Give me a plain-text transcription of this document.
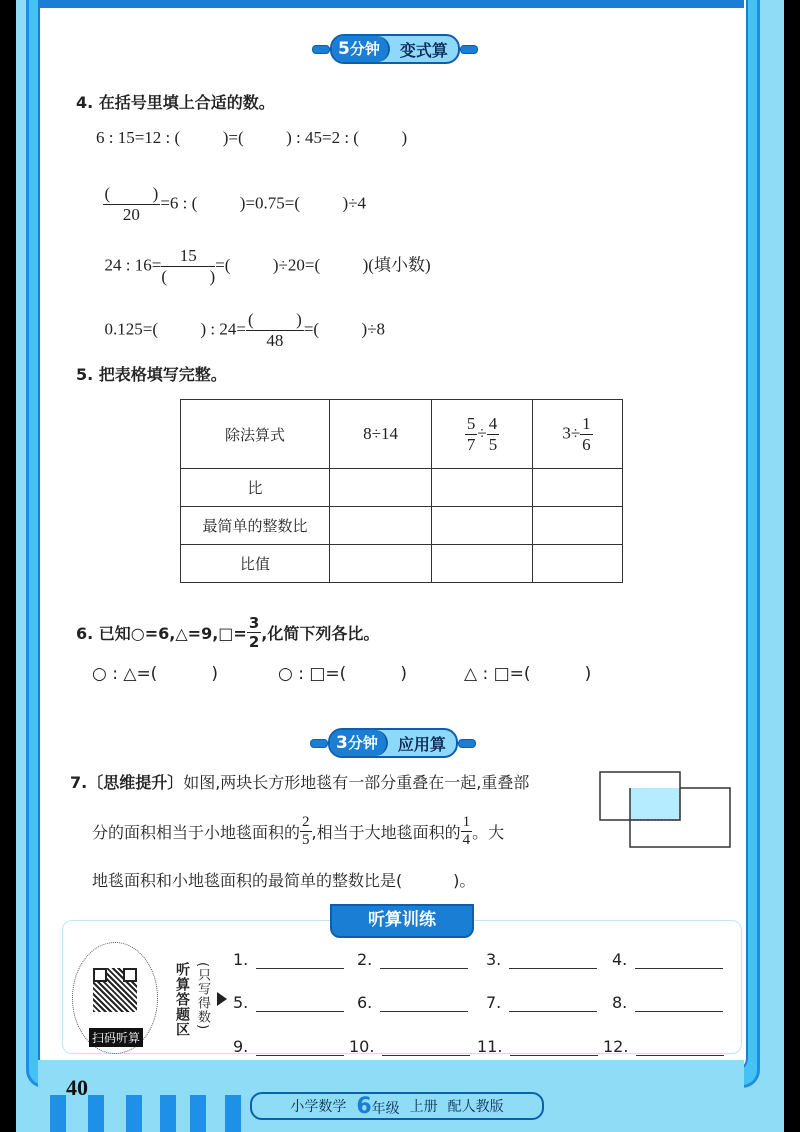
5分钟	变式算
4. 在括号里填上合适的数。
6 : 15=12 : (          )=(          ) : 45=2 : (          )

$\frac{( )}{20} =6$ : (          )=0.75=(          )÷4

24 : $16= \frac{15}{( )}$ =(          )÷20=(          )(填小数)

0.125=(          ) : $24= \frac{( )}{48}$ =(          )÷8

5. 把表格填写完整。
除法算式	8÷14	$\frac{5}{7} \div \frac{4}{5}$	$3\div \frac{1}{6}$

比			
最简单的整数比			
比值			
6. 已知○=6,△=9,□= $\frac{3}{2}$ ,化简下列各比。
○ : △=(          )	○ : □=(          )	△ : □=(          )
3分钟	应用算
7.〔思维提升〕如图,两块长方形地毯有一部分重叠在一起,重叠部
分的面积相当于小地毯面积的 $\frac{2}{5}$ ,相当于大地毯面积的 $\frac{1}{4}$ 。大
地毯面积和小地毯面积的最简单的整数比是(          )。
听算训练
扫码听算
听算答题区 (只写得数)
1.	2.	3.	4.
5.	6.	7.	8.
9.	10.	11.	12.
40
小学数学 6年级 上册 配人教版
